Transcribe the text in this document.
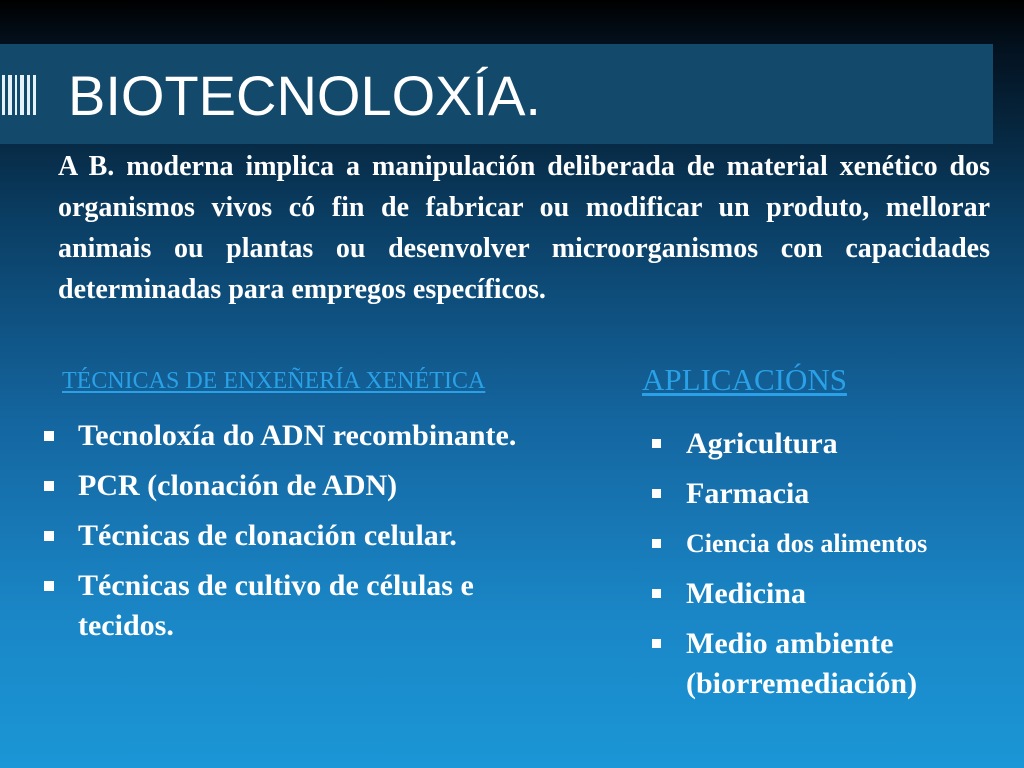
BIOTECNOLOXÍA.

A B. moderna implica a manipulación deliberada de material xenético dos organismos vivos có fin de fabricar ou modificar un produto, mellorar animais ou plantas ou desenvolver microorganismos con capacidades determinadas para empregos específicos.

TÉCNICAS DE ENXEÑERÍA XENÉTICA	APLICACIÓNS
Tecnoloxía do ADN recombinante.
PCR (clonación de ADN)
Técnicas de clonación celular.
Técnicas de cultivo de células e tecidos.
Agricultura
Farmacia
Ciencia dos alimentos
Medicina
Medio ambiente (biorremediación)
